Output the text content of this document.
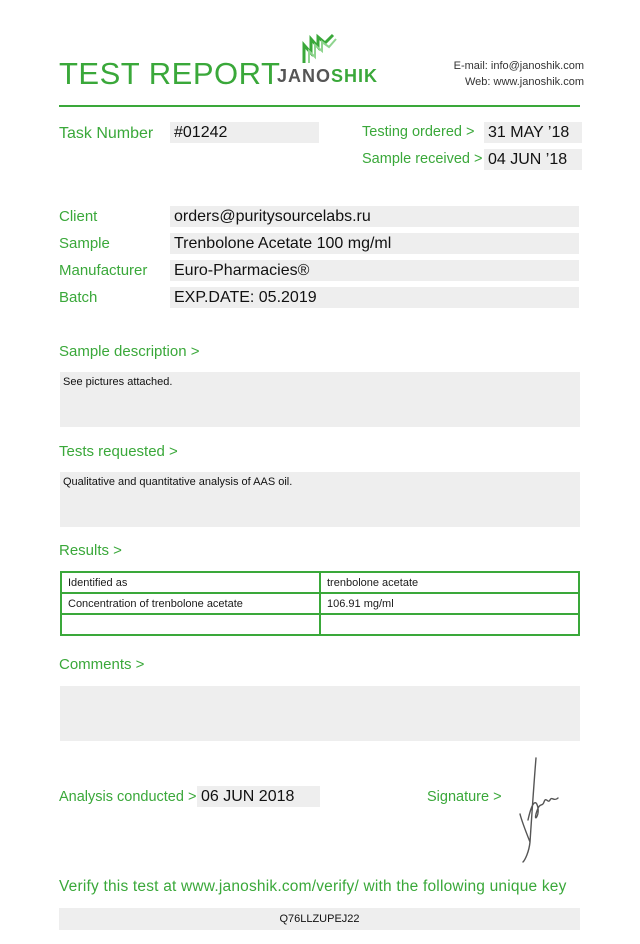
TEST REPORT
JANOSHIK	E-mail: info@janoshik.com
Web: www.janoshik.com
Task Number #01242	Testing ordered > 31 MAY ’18
Sample received > 04 JUN ’18
Client	orders@puritysourcelabs.ru
Sample	Trenbolone Acetate 100 mg/ml
Manufacturer Euro-Pharmacies®
Batch	EXP.DATE: 05.2019
Sample description >
See pictures attached.
Tests requested >
Qualitative and quantitative analysis of AAS oil.
Results >
Identified as	trenbolone acetate
Concentration of trenbolone acetate	106.91 mg/ml

Comments >
Analysis conducted > 06 JUN 2018	Signature >
Verify this test at www.janoshik.com/verify/ with the following unique key
Q76LLZUPEJ22
